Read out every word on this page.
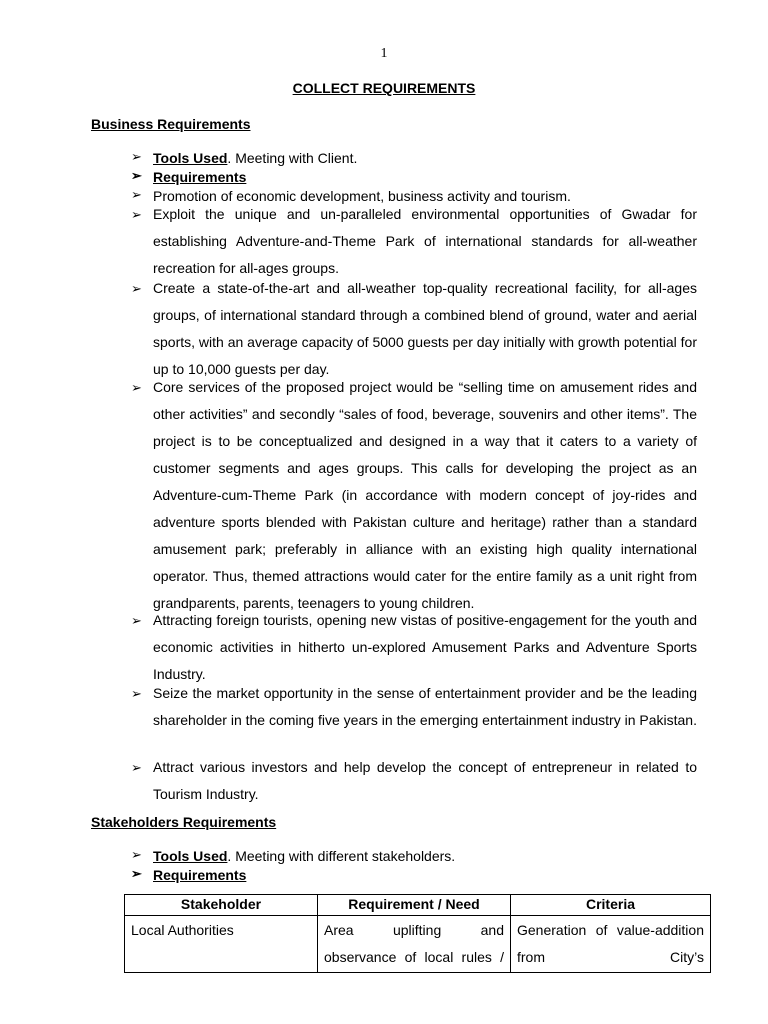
1
COLLECT REQUIREMENTS
Business Requirements
➢ Tools Used. Meeting with Client.
➢ Requirements
➢ Promotion of economic development, business activity and tourism.
➢ Exploit the unique and un-paralleled environmental opportunities of Gwadar for establishing Adventure-and-Theme Park of international standards for all-weather recreation for all-ages groups.
➢ Create a state-of-the-art and all-weather top-quality recreational facility, for all-ages groups, of international standard through a combined blend of ground, water and aerial sports, with an average capacity of 5000 guests per day initially with growth potential for up to 10,000 guests per day.
➢ Core services of the proposed project would be “selling time on amusement rides and other activities” and secondly “sales of food, beverage, souvenirs and other items”. The project is to be conceptualized and designed in a way that it caters to a variety of customer segments and ages groups. This calls for developing the project as an Adventure-cum-Theme Park (in accordance with modern concept of joy-rides and adventure sports blended with Pakistan culture and heritage) rather than a standard amusement park; preferably in alliance with an existing high quality international operator. Thus, themed attractions would cater for the entire family as a unit right from grandparents, parents, teenagers to young children.
➢ Attracting foreign tourists, opening new vistas of positive-engagement for the youth and economic activities in hitherto un-explored Amusement Parks and Adventure Sports Industry.
➢ Seize the market opportunity in the sense of entertainment provider and be the leading shareholder in the coming five years in the emerging entertainment industry in Pakistan.
➢ Attract various investors and help develop the concept of entrepreneur in related to Tourism Industry.
Stakeholders Requirements
➢ Tools Used. Meeting with different stakeholders.
➢ Requirements
Stakeholder	Requirement / Need	Criteria
Local Authorities	Area uplifting and observance of local rules /	Generation of value-addition from City’s
